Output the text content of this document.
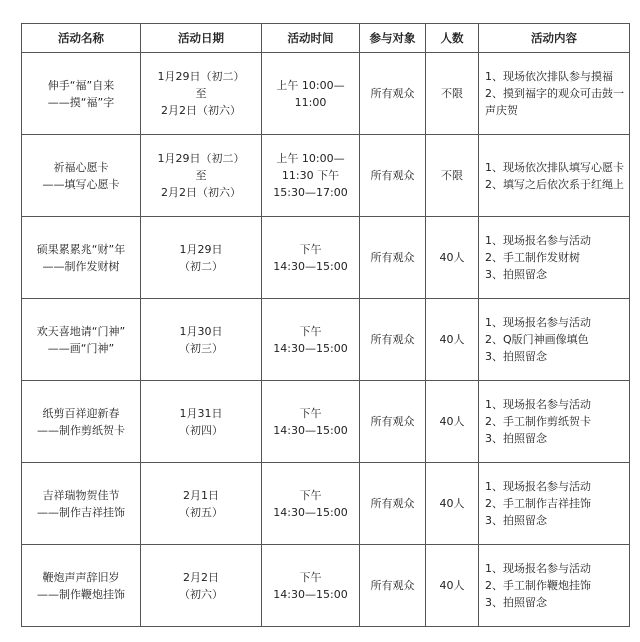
活动名称	活动日期	活动时间	参与对象	人数	活动内容

伸手“福”自来
——摸“福”字	1月29日（初二）
至
2月2日（初六）	上午 10:00—
11:00	所有观众	不限	1、现场依次排队参与摸福
2、摸到福字的观众可击鼓一
声庆贺

祈福心愿卡
——填写心愿卡	1月29日（初二）
至
2月2日（初六）	上午 10:00—
11:30 下午
15:30—17:00	所有观众	不限	1、现场依次排队填写心愿卡
2、填写之后依次系于红绳上

硕果累累兆“财”年
——制作发财树	1月29日
（初二）	下午
14:30—15:00	所有观众	40人	1、现场报名参与活动
2、手工制作发财树
3、拍照留念

欢天喜地请“门神”
——画“门神”	1月30日
（初三）	下午
14:30—15:00	所有观众	40人	1、现场报名参与活动
2、Q版门神画像填色
3、拍照留念

纸剪百祥迎新春
——制作剪纸贺卡	1月31日
（初四）	下午
14:30—15:00	所有观众	40人	1、现场报名参与活动
2、手工制作剪纸贺卡
3、拍照留念

吉祥瑞物贺佳节
——制作吉祥挂饰	2月1日
（初五）	下午
14:30—15:00	所有观众	40人	1、现场报名参与活动
2、手工制作吉祥挂饰
3、拍照留念

鞭炮声声辞旧岁
——制作鞭炮挂饰	2月2日
（初六）	下午
14:30—15:00	所有观众	40人	1、现场报名参与活动
2、手工制作鞭炮挂饰
3、拍照留念
